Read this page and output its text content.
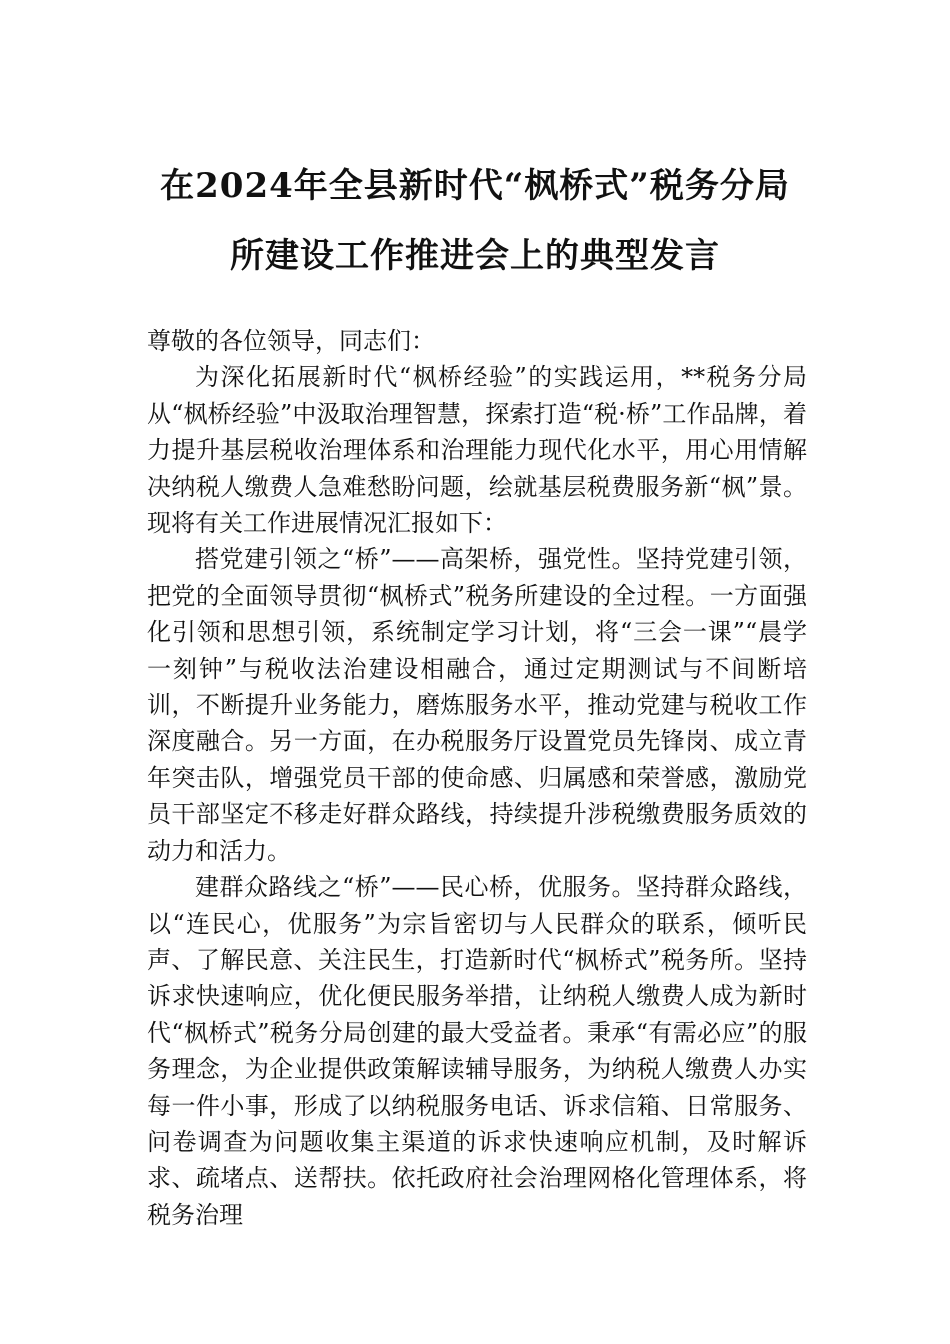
在2024年全县新时代“枫桥式”税务分局
所建设工作推进会上的典型发言

尊敬的各位领导，同志们：

为深化拓展新时代“枫桥经验”的实践运用，**税务分局从“枫桥经验”中汲取治理智慧，探索打造“税·桥”工作品牌，着力提升基层税收治理体系和治理能力现代化水平，用心用情解决纳税人缴费人急难愁盼问题，绘就基层税费服务新“枫”景。现将有关工作进展情况汇报如下：

搭党建引领之“桥”——高架桥，强党性。坚持党建引领，把党的全面领导贯彻“枫桥式”税务所建设的全过程。一方面强化引领和思想引领，系统制定学习计划，将“三会一课”“晨学一刻钟”与税收法治建设相融合，通过定期测试与不间断培训，不断提升业务能力，磨炼服务水平，推动党建与税收工作深度融合。另一方面，在办税服务厅设置党员先锋岗、成立青年突击队，增强党员干部的使命感、归属感和荣誉感，激励党员干部坚定不移走好群众路线，持续提升涉税缴费服务质效的动力和活力。

建群众路线之“桥”——民心桥，优服务。坚持群众路线，以“连民心，优服务”为宗旨密切与人民群众的联系，倾听民声、了解民意、关注民生，打造新时代“枫桥式”税务所。坚持诉求快速响应，优化便民服务举措，让纳税人缴费人成为新时代“枫桥式”税务分局创建的最大受益者。秉承“有需必应”的服务理念，为企业提供政策解读辅导服务，为纳税人缴费人办实每一件小事，形成了以纳税服务电话、诉求信箱、日常服务、问卷调查为问题收集主渠道的诉求快速响应机制，及时解诉求、疏堵点、送帮扶。依托政府社会治理网格化管理体系，将税务治理
